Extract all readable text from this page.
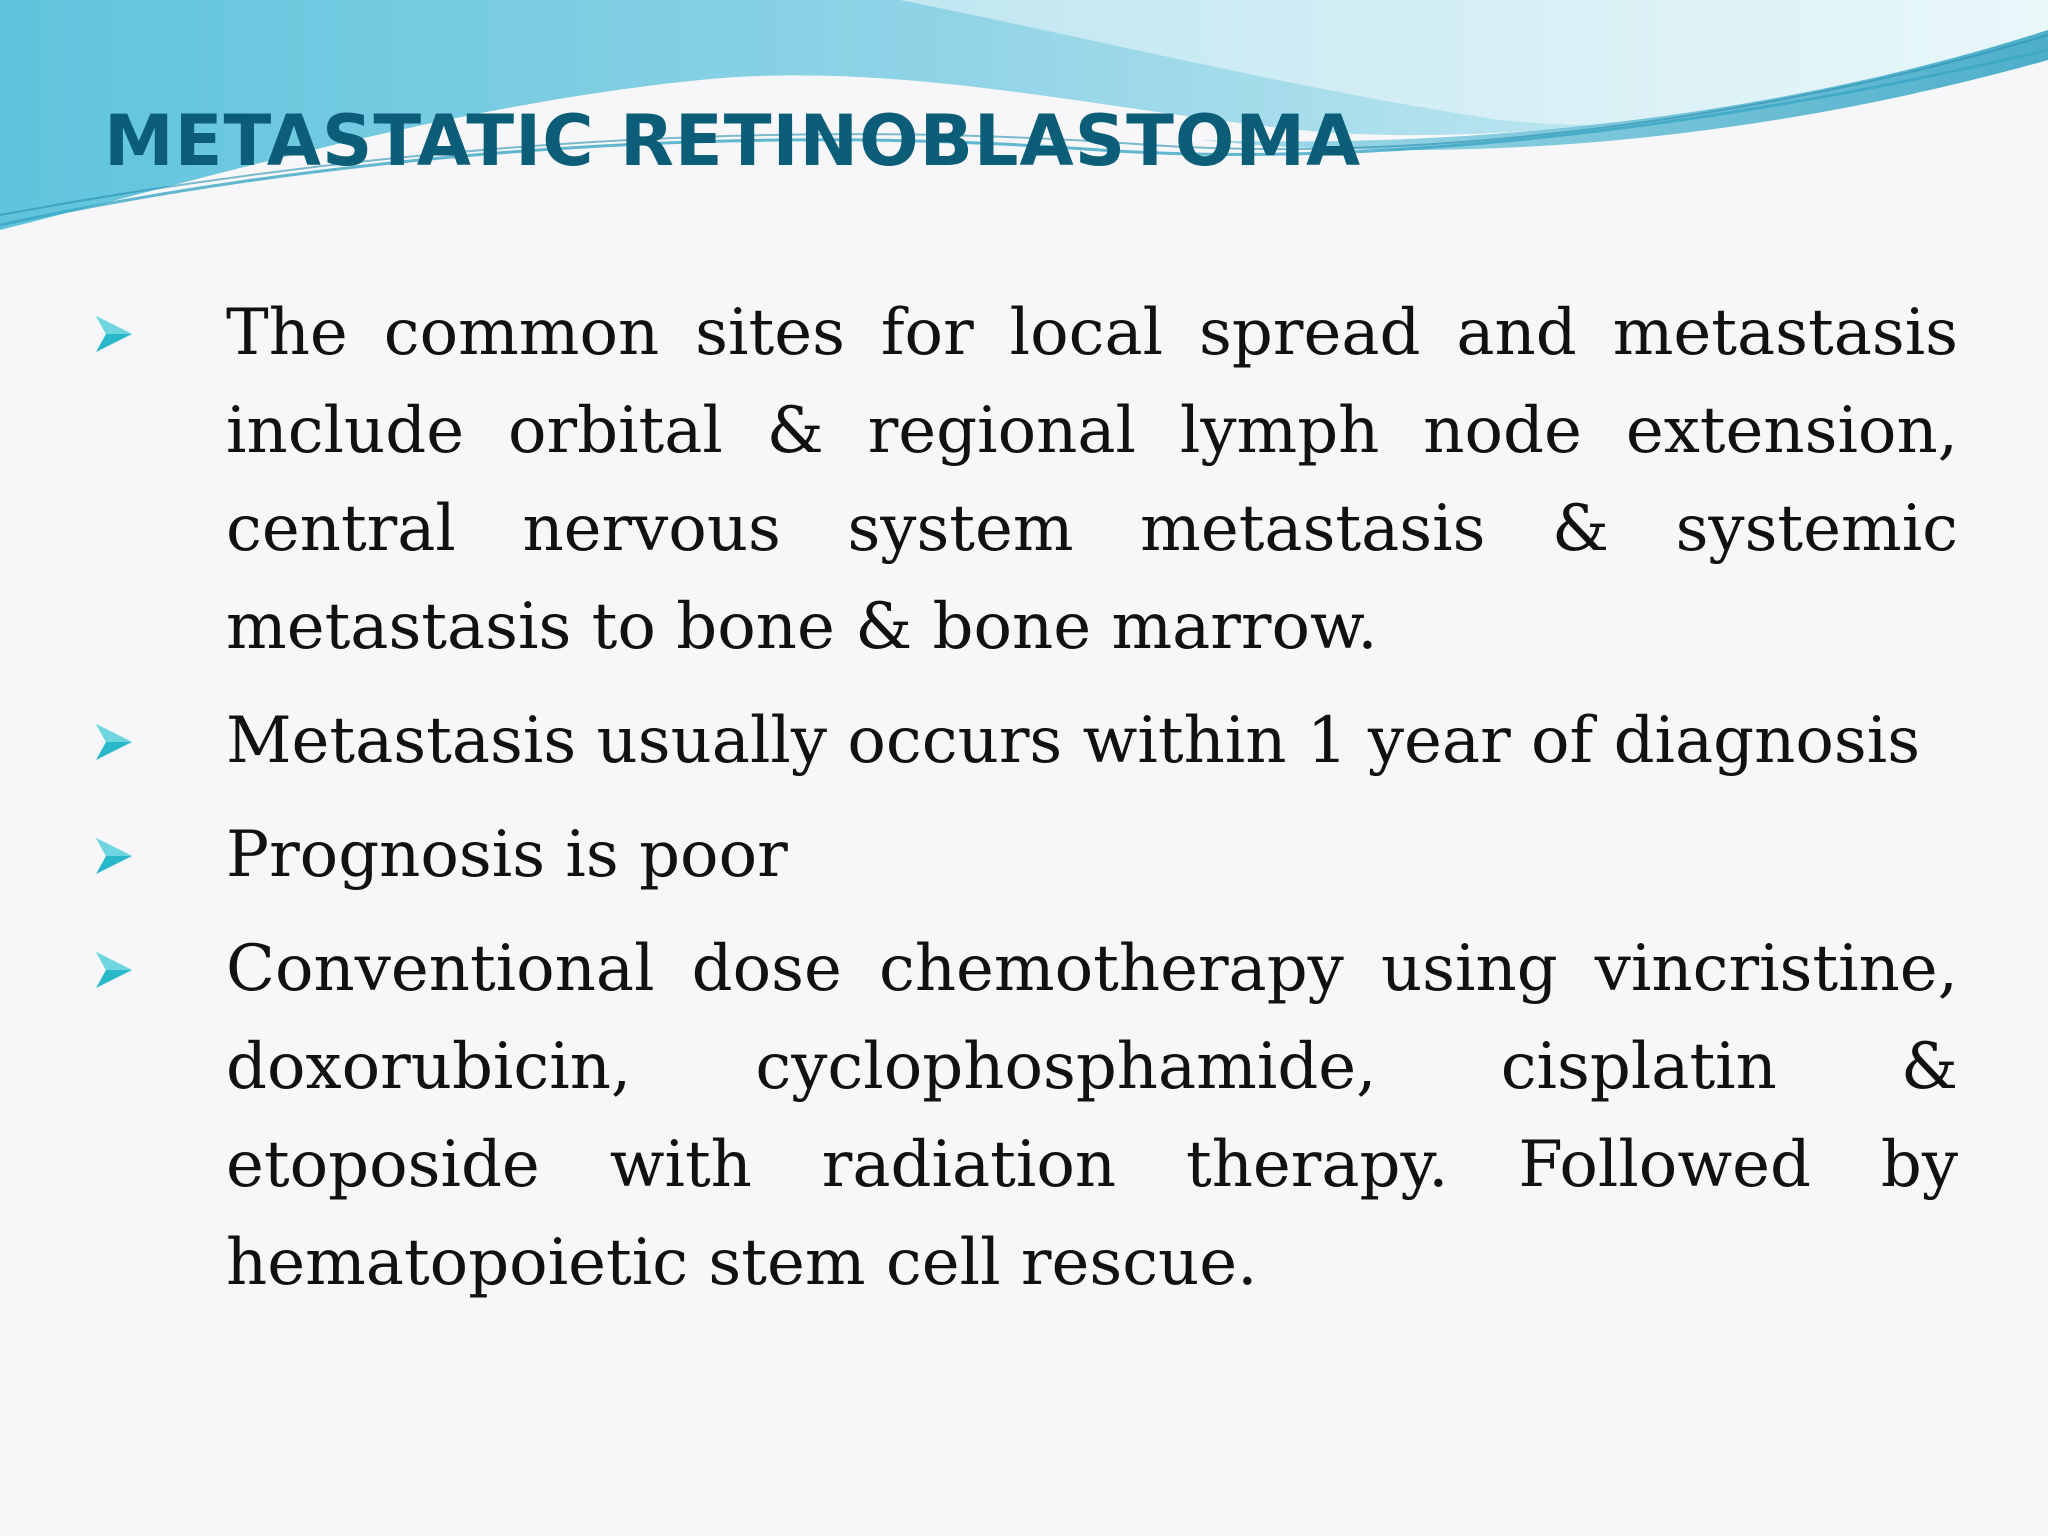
METASTATIC RETINOBLASTOMA

The common sites for local spread and metastasis include orbital & regional lymph node extension, central nervous system metastasis & systemic metastasis to bone & bone marrow.

Metastasis usually occurs within 1 year of diagnosis

Prognosis is poor

Conventional dose chemotherapy using vincristine, doxorubicin, cyclophosphamide, cisplatin & etoposide with radiation therapy. Followed by hematopoietic stem cell rescue.
